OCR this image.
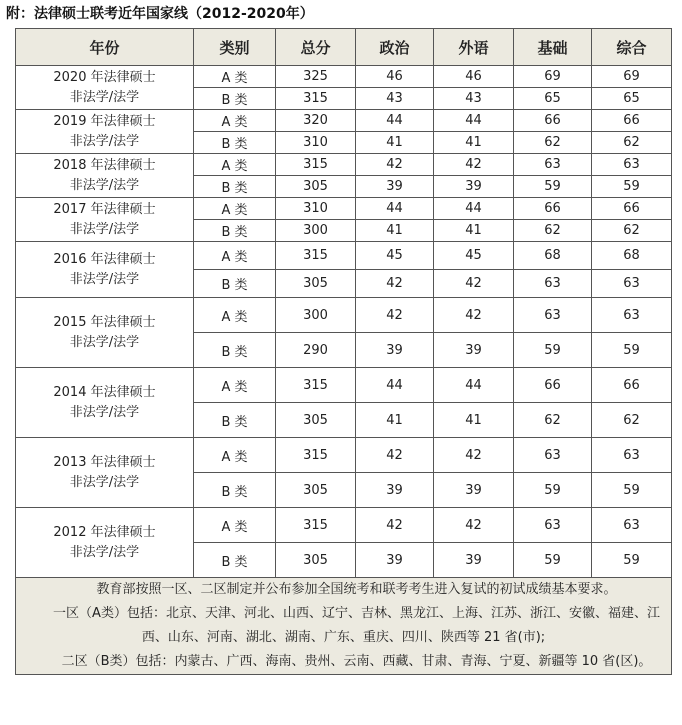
附：法律硕士联考近年国家线（2012-2020年）
年份	类别	总分	政治	外语	基础	综合

2020 年法律硕士
非法学/法学	A 类	325	46	46	69	69
	B 类	315	43	43	65	65

2019 年法律硕士
非法学/法学	A 类	320	44	44	66	66
	B 类	310	41	41	62	62

2018 年法律硕士
非法学/法学	A 类	315	42	42	63	63
	B 类	305	39	39	59	59

2017 年法律硕士
非法学/法学	A 类	310	44	44	66	66
	B 类	300	41	41	62	62

2016 年法律硕士
非法学/法学	A 类	315	45	45	68	68
	B 类	305	42	42	63	63

2015 年法律硕士
非法学/法学	A 类	300	42	42	63	63
	B 类	290	39	39	59	59

2014 年法律硕士
非法学/法学	A 类	315	44	44	66	66
	B 类	305	41	41	62	62

2013 年法律硕士
非法学/法学	A 类	315	42	42	63	63
	B 类	305	39	39	59	59

2012 年法律硕士
非法学/法学	A 类	315	42	42	63	63
	B 类	305	39	39	59	59

教育部按照一区、二区制定并公布参加全国统考和联考考生进入复试的初试成绩基本要求。

一区（A类）包括：北京、天津、河北、山西、辽宁、吉林、黑龙江、上海、江苏、浙江、安徽、福建、江西、山东、河南、湖北、湖南、广东、重庆、四川、陕西等 21 省(市);

二区（B类）包括：内蒙古、广西、海南、贵州、云南、西藏、甘肃、青海、宁夏、新疆等 10 省(区)。						
